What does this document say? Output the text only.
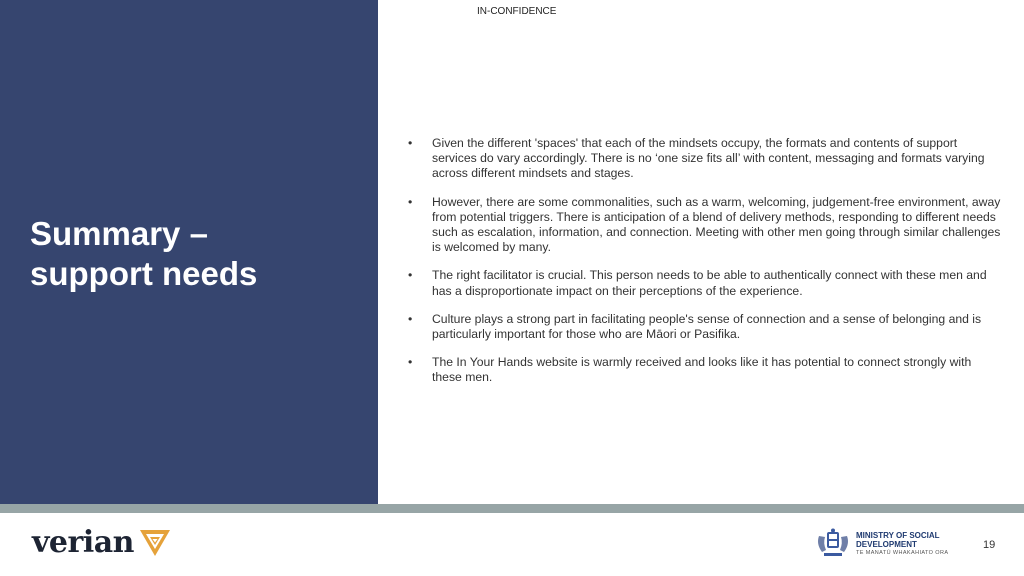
Summary –
support needs
IN-CONFIDENCE
• Given the different 'spaces' that each of the mindsets occupy, the formats and contents of support services do vary accordingly. There is no ‘one size fits all’ with content, messaging and formats varying across different mindsets and stages.
• However, there are some commonalities, such as a warm, welcoming, judgement-free environment, away from potential triggers. There is anticipation of a blend of delivery methods, responding to different needs such as escalation, information, and connection. Meeting with other men going through similar challenges is welcomed by many.
• The right facilitator is crucial. This person needs to be able to authentically connect with these men and has a disproportionate impact on their perceptions of the experience.
• Culture plays a strong part in facilitating people's sense of connection and a sense of belonging and is particularly important for those who are Māori or Pasifika.
• The In Your Hands website is warmly received and looks like it has potential to connect strongly with these men.
verian	MINISTRY OF SOCIAL
DEVELOPMENT
TE MANATŪ WHAKAHIATO ORA
19
